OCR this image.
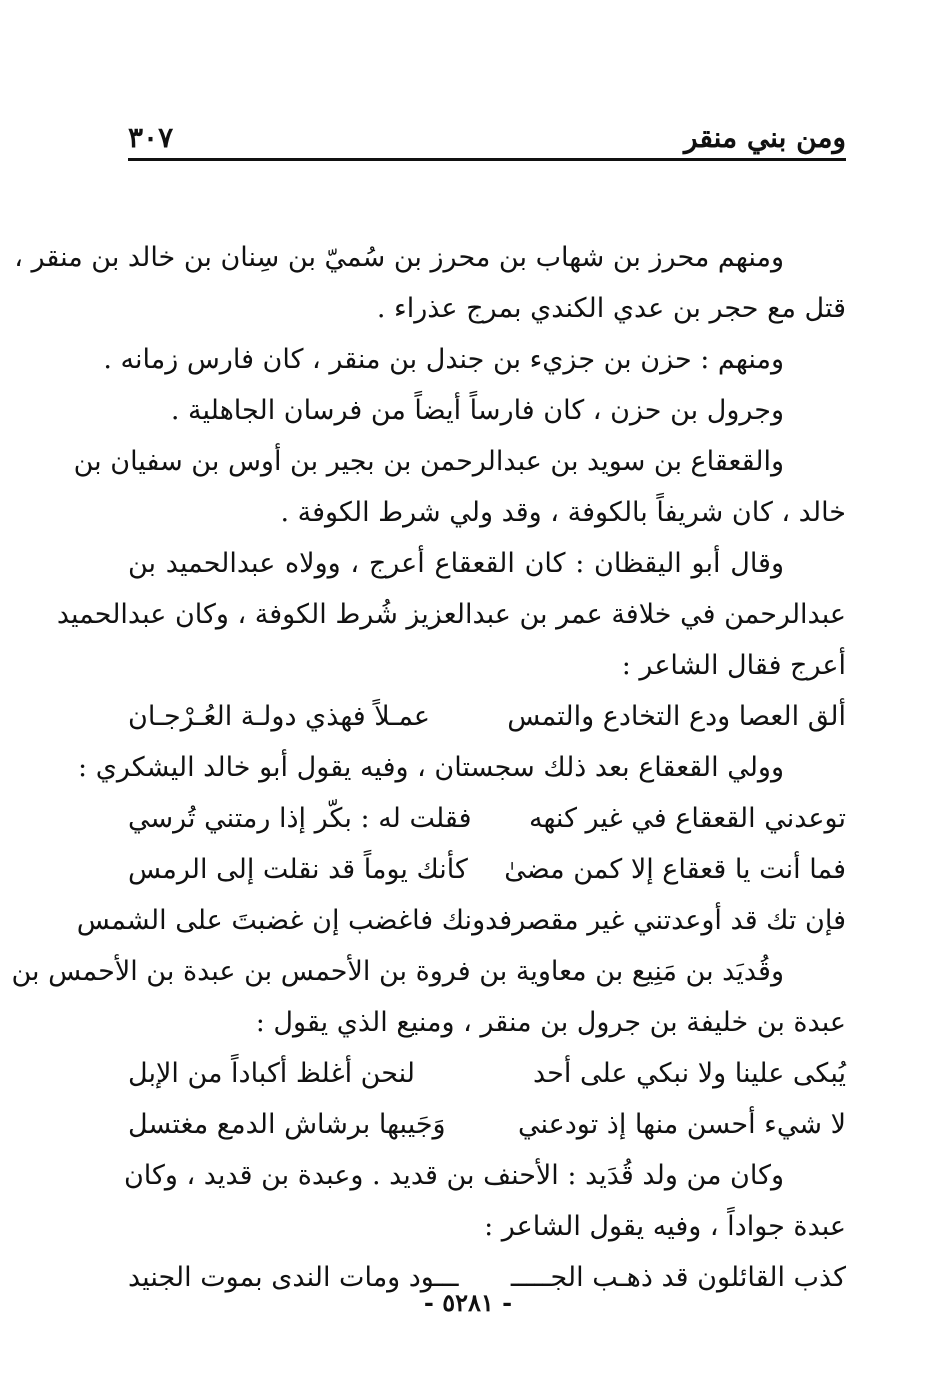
ومن بني منقر
٣٠٧
ومنهم محرز بن شهاب بن محرز بن سُميّ بن سِنان بن خالد بن منقر ،
قتل مع حجر بن عدي الكندي بمرج عذراء .
ومنهم : حزن بن جزيء بن جندل بن منقر ، كان فارس زمانه .
وجرول بن حزن ، كان فارساً أيضاً من فرسان الجاهلية .
والقعقاع بن سويد بن عبدالرحمن بن بجير بن أوس بن سفيان بن
خالد ، كان شريفاً بالكوفة ، وقد ولي شرط الكوفة .
وقال أبو اليقظان : كان القعقاع أعرج ، وولاه عبدالحميد بن
عبدالرحمن في خلافة عمر بن عبدالعزيز شُرط الكوفة ، وكان عبدالحميد
أعرج فقال الشاعر :
ألق العصا ودع التخادع والتمس
عمـلاً فهذي دولـة العُـرْجـان
وولي القعقاع بعد ذلك سجستان ، وفيه يقول أبو خالد اليشكري :
توعدني القعقاع في غير كنهه
فقلت له : بكّر إذا رمتني تُرسي
فما أنت يا قعقاع إلا كمن مضىٰ
كأنك يوماً قد نقلت إلى الرمس
فإن تك قد أوعدتني غير مقصر
فدونك فاغضب إن غضبتَ على الشمس
وقُديَد بن مَنِيع بن معاوية بن فروة بن الأحمس بن عبدة بن الأحمس بن
عبدة بن خليفة بن جرول بن منقر ، ومنيع الذي يقول :
يُبكى علينا ولا نبكي على أحد
لنحن أغلظ أكباداً من الإبل
لا شيء أحسن منها إذ تودعني
وَجَيبها برشاش الدمع مغتسل
وكان من ولد قُدَيد : الأحنف بن قديد . وعبدة بن قديد ، وكان
عبدة جواداً ، وفيه يقول الشاعر :
كذب القائلون قد ذهـب الجـــــ
ـــود ومات الندى بموت الجنيد
- ٥٢٨١ -
